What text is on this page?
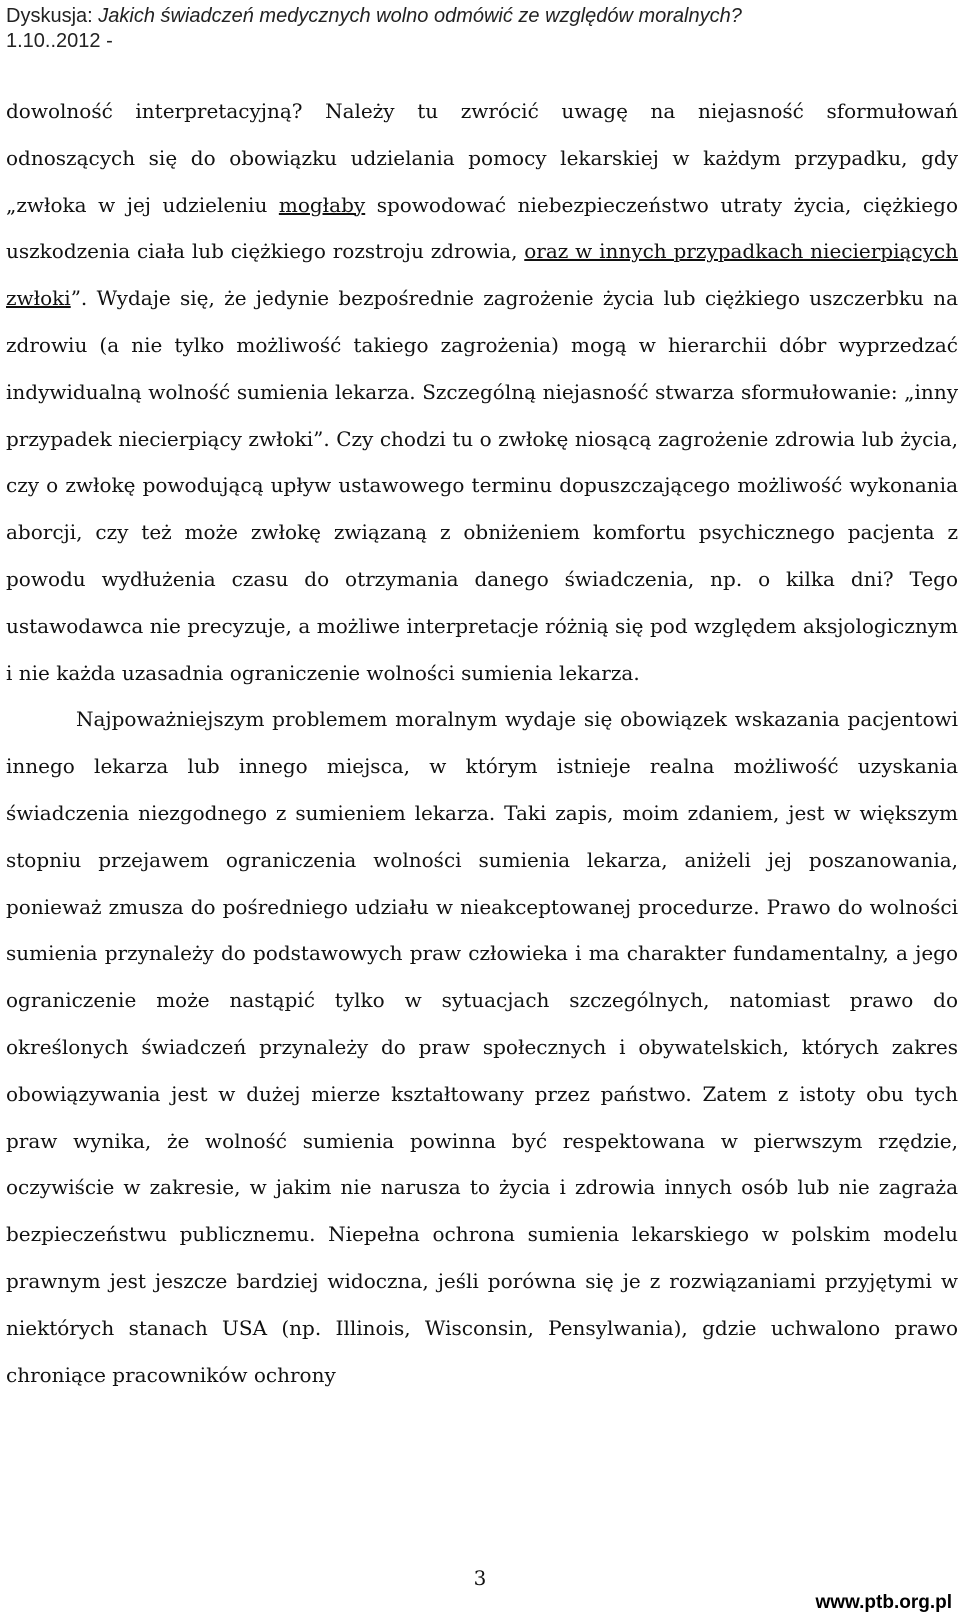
Dyskusja: Jakich świadczeń medycznych wolno odmówić ze względów moralnych?
1.10..2012 -

dowolność interpretacyjną? Należy tu zwrócić uwagę na niejasność sformułowań odnoszących się do obowiązku udzielania pomocy lekarskiej w każdym przypadku, gdy „zwłoka w jej udzieleniu mogłaby spowodować niebezpieczeństwo utraty życia, ciężkiego uszkodzenia ciała lub ciężkiego rozstroju zdrowia, oraz w innych przypadkach niecierpiących zwłoki”. Wydaje się, że jedynie bezpośrednie zagrożenie życia lub ciężkiego uszczerbku na zdrowiu (a nie tylko możliwość takiego zagrożenia) mogą w hierarchii dóbr wyprzedzać indywidualną wolność sumienia lekarza. Szczególną niejasność stwarza sformułowanie: „inny przypadek niecierpiący zwłoki”. Czy chodzi tu o zwłokę niosącą zagrożenie zdrowia lub życia, czy o zwłokę powodującą upływ ustawowego terminu dopuszczającego możliwość wykonania aborcji, czy też może zwłokę związaną z obniżeniem komfortu psychicznego pacjenta z powodu wydłużenia czasu do otrzymania danego świadczenia, np. o kilka dni? Tego ustawodawca nie precyzuje, a możliwe interpretacje różnią się pod względem aksjologicznym i nie każda uzasadnia ograniczenie wolności sumienia lekarza.

Najpoważniejszym problemem moralnym wydaje się obowiązek wskazania pacjentowi innego lekarza lub innego miejsca, w którym istnieje realna możliwość uzyskania świadczenia niezgodnego z sumieniem lekarza. Taki zapis, moim zdaniem, jest w większym stopniu przejawem ograniczenia wolności sumienia lekarza, aniżeli jej poszanowania, ponieważ zmusza do pośredniego udziału w nieakceptowanej procedurze. Prawo do wolności sumienia przynależy do podstawowych praw człowieka i ma charakter fundamentalny, a jego ograniczenie może nastąpić tylko w sytuacjach szczególnych, natomiast prawo do określonych świadczeń przynależy do praw społecznych i obywatelskich, których zakres obowiązywania jest w dużej mierze kształtowany przez państwo. Zatem z istoty obu tych praw wynika, że wolność sumienia powinna być respektowana w pierwszym rzędzie, oczywiście w zakresie, w jakim nie narusza to życia i zdrowia innych osób lub nie zagraża bezpieczeństwu publicznemu. Niepełna ochrona sumienia lekarskiego w polskim modelu prawnym jest jeszcze bardziej widoczna, jeśli porówna się je z rozwiązaniami przyjętymi w niektórych stanach USA (np. Illinois, Wisconsin, Pensylwania), gdzie uchwalono prawo chroniące pracowników ochrony

3
www.ptb.org.pl
